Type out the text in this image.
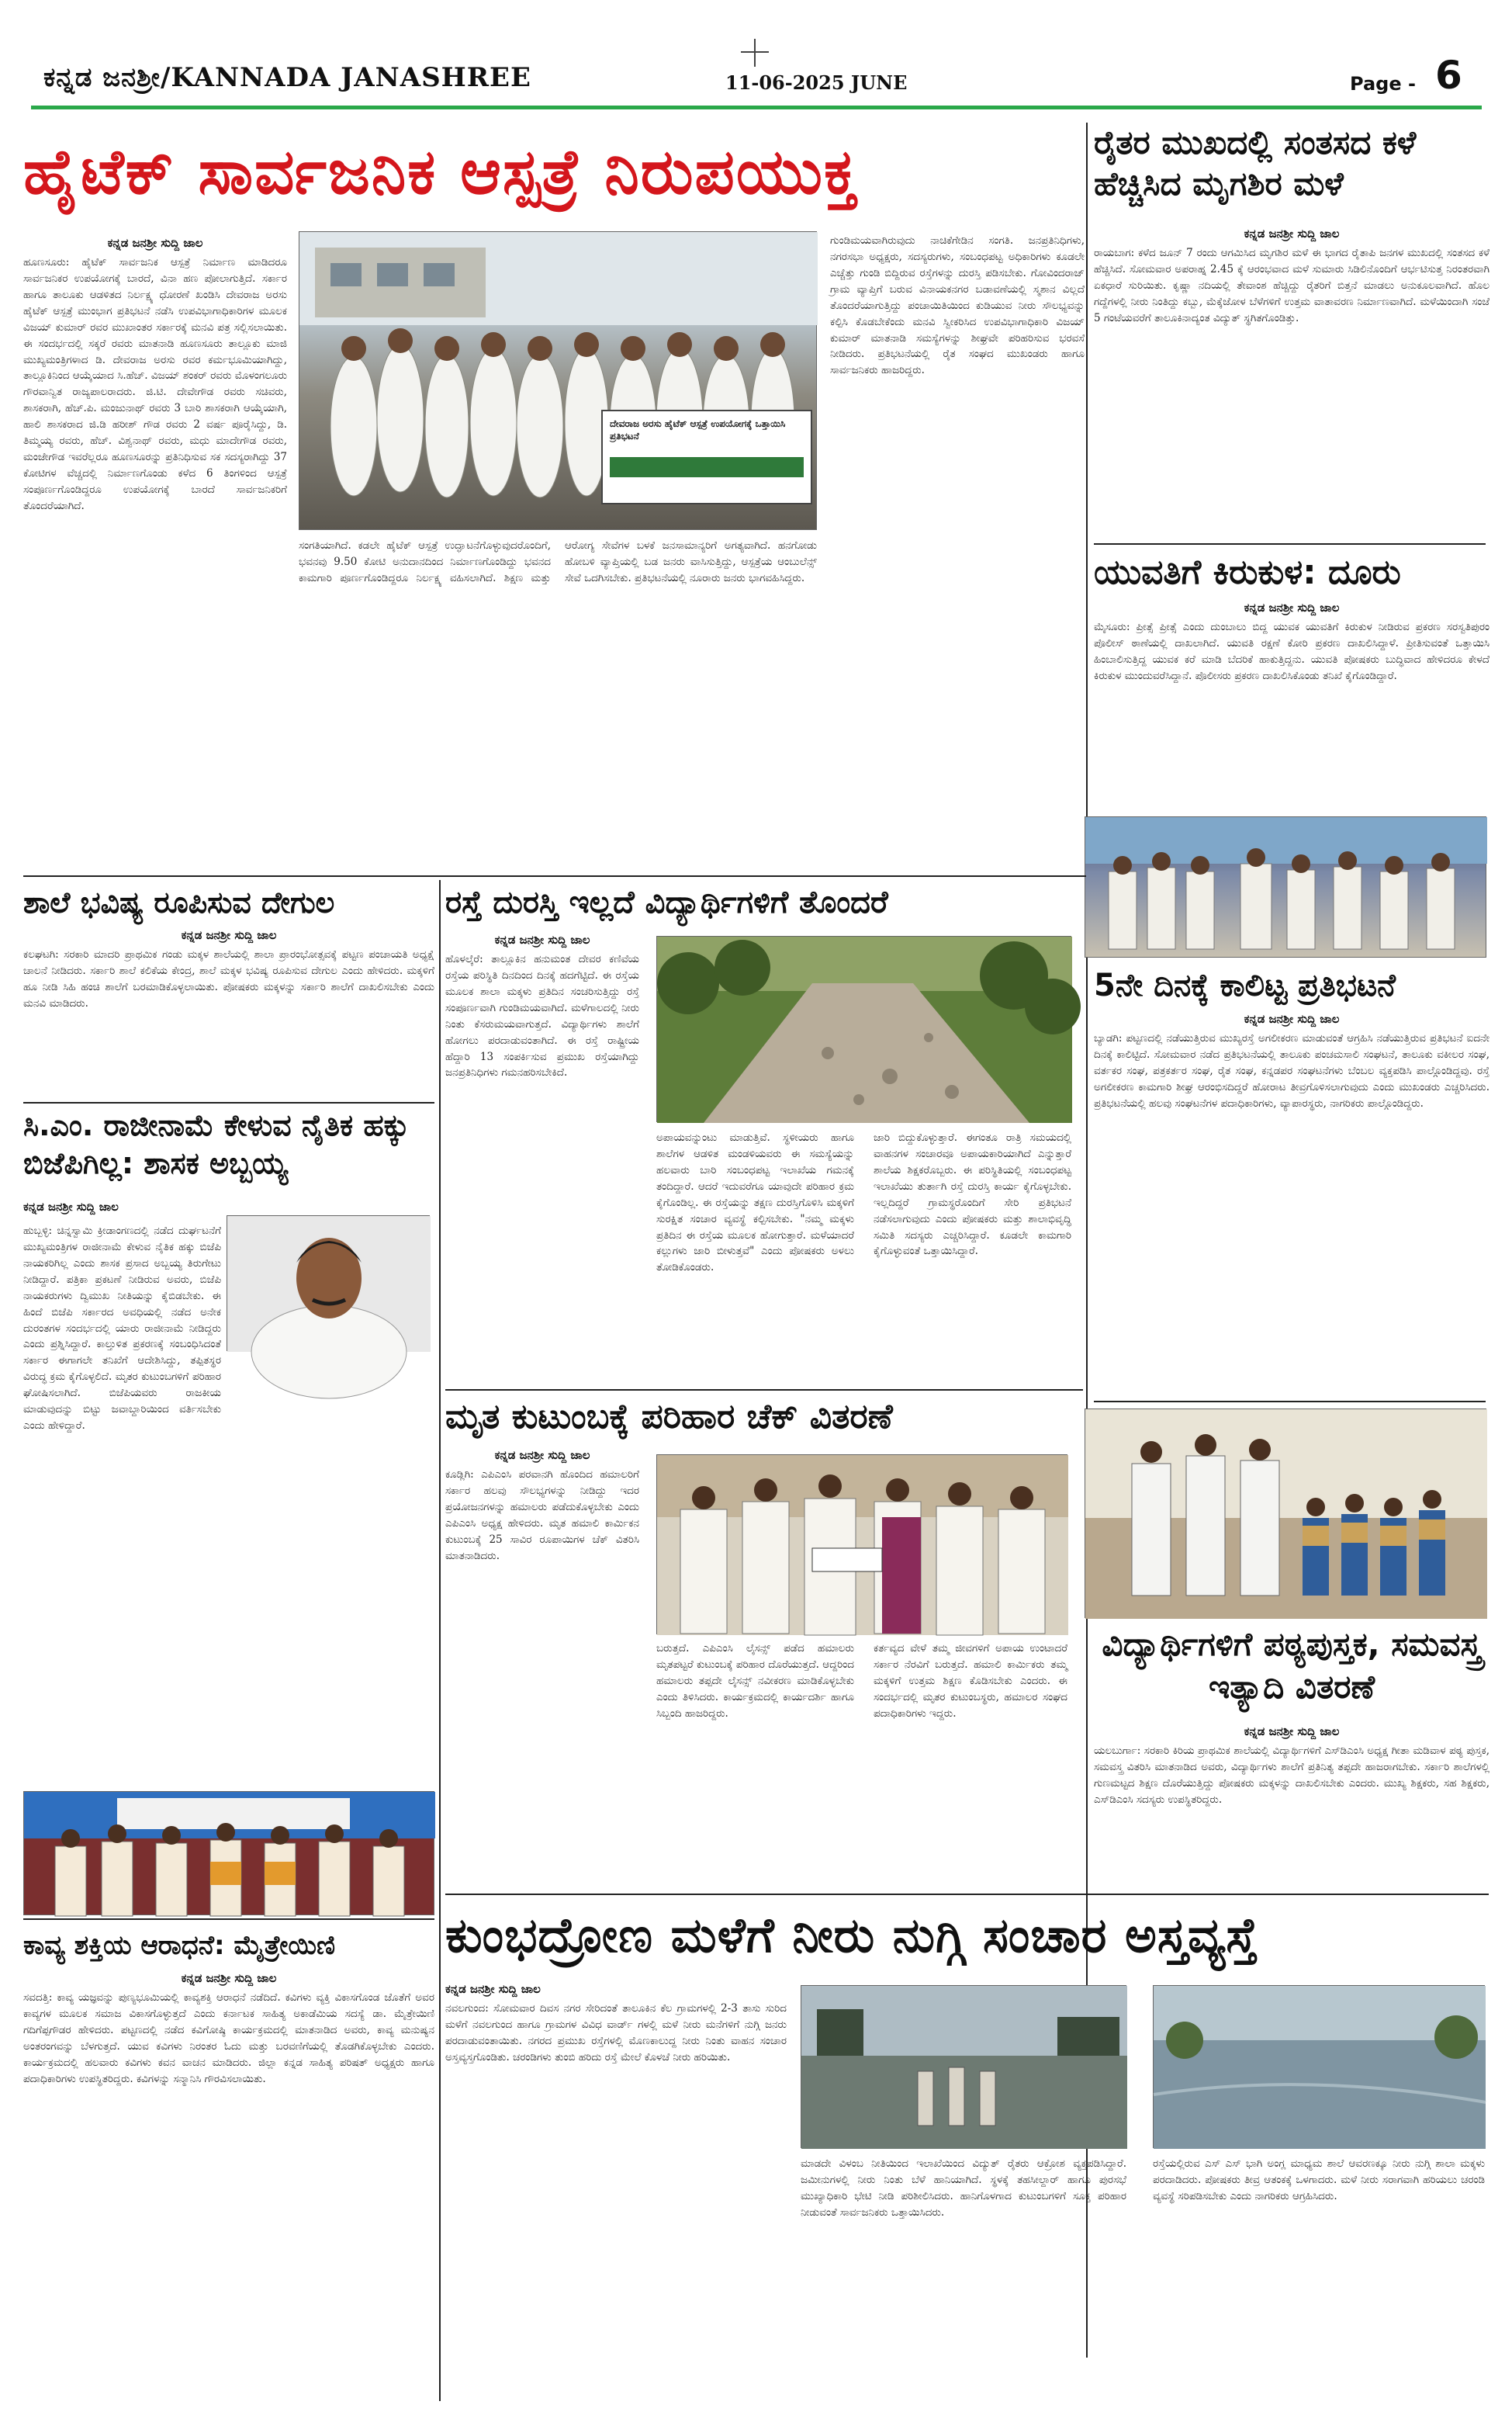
ಕನ್ನಡ ಜನಶ್ರೀ/KANNADA JANASHREE	11-06-2025 JUNE	Page - 6
ಹೈಟೆಕ್ ಸಾರ್ವಜನಿಕ ಆಸ್ಪತ್ರೆ ನಿರುಪಯುಕ್ತ
ಕನ್ನಡ ಜನಶ್ರೀ ಸುದ್ದಿ ಜಾಲ
ಹೂಣಸೂರು: ಹೈಟೆಕ್ ಸಾರ್ವಜನಿಕ ಆಸ್ಪತ್ರೆ ನಿರ್ಮಾಣ ಮಾಡಿದರೂ ಸಾರ್ವಜನಿಕರ ಉಪಯೋಗಕ್ಕೆ ಬಾರದೆ, ವಿನಾ ಹಣ ಪೋಲಾಗುತ್ತಿದೆ. ಸರ್ಕಾರ ಹಾಗೂ ತಾಲೂಕು ಆಡಳಿತದ ನಿರ್ಲಕ್ಷ್ಯ ಧೋರಣೆ ಖಂಡಿಸಿ ದೇವರಾಜ ಅರಸು ಹೈಟೆಕ್ ಆಸ್ಪತ್ರೆ ಮುಂಭಾಗ ಪ್ರತಿಭಟನೆ ನಡೆಸಿ ಉಪವಿಭಾಗಾಧಿಕಾರಿಗಳ ಮೂಲಕ ವಿಜಯ್ ಕುಮಾರ್ ರವರ ಮುಖಾಂತರ ಸರ್ಕಾರಕ್ಕೆ ಮನವಿ ಪತ್ರ ಸಲ್ಲಿಸಲಾಯಿತು. ಈ ಸಂದರ್ಭದಲ್ಲಿ ಸಕ್ಕರೆ ರವರು ಮಾತನಾಡಿ ಹೂಣಸೂರು ತಾಲ್ಲೂಕು ಮಾಜಿ ಮುಖ್ಯಮಂತ್ರಿಗಳಾದ ಡಿ. ದೇವರಾಜ ಅರಸು ರವರ ಕರ್ಮಭೂಮಿಯಾಗಿದ್ದು, ತಾಲ್ಲೂಕಿನಿಂದ ಆಯ್ಕೆಯಾದ ಸಿ.ಹೆಚ್. ವಿಜಯ್ ಶಂಕರ್ ರವರು ಮೊಳಂಗಲೂರು ಗೌರವಾನ್ವಿತ ರಾಜ್ಯಪಾಲರಾದರು. ಜಿ.ಟಿ. ದೇವೇಗೌಡ ರವರು ಸಚಿವರು, ಶಾಸಕರಾಗಿ, ಹೆಚ್.ಪಿ. ಮಂಜುನಾಥ್ ರವರು 3 ಬಾರಿ ಶಾಸಕರಾಗಿ ಆಯ್ಕೆಯಾಗಿ, ಹಾಲಿ ಶಾಸಕರಾದ ಜಿ.ಡಿ ಹರೀಶ್ ಗೌಡ ರವರು 2 ವರ್ಷ ಪೂರೈಸಿದ್ದು, ಡಿ. ತಿಮ್ಮಯ್ಯ ರವರು, ಹೆಚ್. ವಿಶ್ವನಾಥ್ ರವರು, ಮಧು ಮಾದೇಗೌಡ ರವರು, ಮಂಜೇಗೌಡ ಇವರೆಲ್ಲರೂ ಹೂಣಸೂರನ್ನು ಪ್ರತಿನಿಧಿಸುವ ಸಕ ಸದಸ್ಯರಾಗಿದ್ದು 37 ಕೋಟಿಗಳ ವೆಚ್ಚದಲ್ಲಿ ನಿರ್ಮಾಣಗೊಂಡು ಕಳೆದ 6 ತಿಂಗಳಿಂದ ಆಸ್ಪತ್ರೆ ಸಂಪೂರ್ಣಗೊಂಡಿದ್ದರೂ ಉಪಯೋಗಕ್ಕೆ ಬಾರದೆ ಸಾರ್ವಜನಿಕರಿಗೆ ತೊಂದರೆಯಾಗಿದೆ.
ದೇವರಾಜ ಅರಸು ಹೈಟೆಕ್ ಆಸ್ಪತ್ರೆ ಉಪಯೋಗಕ್ಕೆ ಒತ್ತಾಯಿಸಿ ಪ್ರತಿಭಟನೆ
ಸಂಗತಿಯಾಗಿದೆ. ಕಡಲೇ ಹೈಟೆಕ್ ಆಸ್ಪತ್ರೆ ಉದ್ಘಾಟನೆಗೊಳ್ಳುವುದರೊಂದಿಗೆ, ಭವನವು 9.50 ಕೋಟಿ ಅನುದಾನದಿಂದ ನಿರ್ಮಾಣಗೊಂಡಿದ್ದು ಭವನದ ಕಾಮಗಾರಿ ಪೂರ್ಣಗೊಂಡಿದ್ದರೂ ನಿರ್ಲಕ್ಷ್ಯ ವಹಿಸಲಾಗಿದೆ. ಶಿಕ್ಷಣ ಮತ್ತು ಆರೋಗ್ಯ ಸೇವೆಗಳ ಬಳಕೆ ಜನಸಾಮಾನ್ಯರಿಗೆ ಅಗತ್ಯವಾಗಿದೆ. ಹನಗೋಡು ಹೋಬಳಿ ವ್ಯಾಪ್ತಿಯಲ್ಲಿ ಬಡ ಜನರು ವಾಸಿಸುತ್ತಿದ್ದು, ಆಸ್ಪತ್ರೆಯ ಆಂಬುಲೆನ್ಸ್ ಸೇವೆ ಒದಗಿಸಬೇಕು. ಪ್ರತಿಭಟನೆಯಲ್ಲಿ ನೂರಾರು ಜನರು ಭಾಗವಹಿಸಿದ್ದರು.
ಗುಂಡಿಮಯವಾಗಿರುವುದು ನಾಚಿಕೆಗೇಡಿನ ಸಂಗತಿ. ಜನಪ್ರತಿನಿಧಿಗಳು, ನಗರಸಭಾ ಅಧ್ಯಕ್ಷರು, ಸದಸ್ಯರುಗಳು, ಸಂಬಂಧಪಟ್ಟ ಅಧಿಕಾರಿಗಳು ಕೂಡಲೇ ಎಚ್ಚೆತ್ತು ಗುಂಡಿ ಬಿದ್ದಿರುವ ರಸ್ತೆಗಳನ್ನು ದುರಸ್ತಿ ಪಡಿಸಬೇಕು. ಗೋವಿಂದರಾಜ್ ಗ್ರಾಮ ವ್ಯಾಪ್ತಿಗೆ ಬರುವ ವಿನಾಯಕನಗರ ಬಡಾವಣೆಯಲ್ಲಿ ಸ್ಮಶಾನ ವಿಲ್ಲದೆ ತೊಂದರೆಯಾಗುತ್ತಿದ್ದು ಪಂಚಾಯಿತಿಯಿಂದ ಕುಡಿಯುವ ನೀರು ಸೌಲಭ್ಯವನ್ನು ಕಲ್ಪಿಸಿ ಕೊಡಬೇಕೆಂದು ಮನವಿ ಸ್ವೀಕರಿಸಿದ ಉಪವಿಭಾಗಾಧಿಕಾರಿ ವಿಜಯ್ ಕುಮಾರ್ ಮಾತನಾಡಿ ಸಮಸ್ಯೆಗಳನ್ನು ಶೀಘ್ರವೇ ಪರಿಹರಿಸುವ ಭರವಸೆ ನೀಡಿದರು. ಪ್ರತಿಭಟನೆಯಲ್ಲಿ ರೈತ ಸಂಘದ ಮುಖಂಡರು ಹಾಗೂ ಸಾರ್ವಜನಿಕರು ಹಾಜರಿದ್ದರು.
ರೈತರ ಮುಖದಲ್ಲಿ ಸಂತಸದ ಕಳೆ ಹೆಚ್ಚಿಸಿದ ಮೃಗಶಿರ ಮಳೆ
ಕನ್ನಡ ಜನಶ್ರೀ ಸುದ್ದಿ ಜಾಲ
ರಾಯಬಾಗ: ಕಳೆದ ಜೂನ್ 7 ರಂದು ಆಗಮಿಸಿದ ಮೃಗಶಿರ ಮಳೆ ಈ ಭಾಗದ ರೈತಾಪಿ ಜನಗಳ ಮುಖದಲ್ಲಿ ಸಂತಸದ ಕಳೆ ಹೆಚ್ಚಿಸಿದೆ. ಸೋಮವಾರ ಅಪರಾಹ್ನ 2.45 ಕ್ಕೆ ಆರಂಭವಾದ ಮಳೆ ಸುಮಾರು ಸಿಡಿಲಿನೊಂದಿಗೆ ಆರ್ಭಟಿಸುತ್ತ ನಿರಂತರವಾಗಿ ಏಕಧಾರೆ ಸುರಿಯಿತು. ಕೃಷ್ಣಾ ನದಿಯಲ್ಲಿ ತೇವಾಂಶ ಹೆಚ್ಚಿದ್ದು ರೈತರಿಗೆ ಬಿತ್ತನೆ ಮಾಡಲು ಅನುಕೂಲವಾಗಿದೆ. ಹೊಲ ಗದ್ದೆಗಳಲ್ಲಿ ನೀರು ನಿಂತಿದ್ದು ಕಬ್ಬು, ಮೆಕ್ಕೆಜೋಳ ಬೆಳೆಗಳಿಗೆ ಉತ್ತಮ ವಾತಾವರಣ ನಿರ್ಮಾಣವಾಗಿದೆ. ಮಳೆಯಿಂದಾಗಿ ಸಂಜೆ 5 ಗಂಟೆಯವರೆಗೆ ತಾಲೂಕಿನಾದ್ಯಂತ ವಿದ್ಯುತ್ ಸ್ಥಗಿತಗೊಂಡಿತ್ತು.
ಯುವತಿಗೆ ಕಿರುಕುಳ: ದೂರು
ಕನ್ನಡ ಜನಶ್ರೀ ಸುದ್ದಿ ಜಾಲ
ಮೈಸೂರು: ಪ್ರೀತ್ಸೆ ಪ್ರೀತ್ಸೆ ಎಂದು ದುಂಬಾಲು ಬಿದ್ದ ಯುವಕ ಯುವತಿಗೆ ಕಿರುಕುಳ ನೀಡಿರುವ ಪ್ರಕರಣ ಸರಸ್ವತಿಪುರಂ ಪೊಲೀಸ್ ಠಾಣೆಯಲ್ಲಿ ದಾಖಲಾಗಿದೆ. ಯುವತಿ ರಕ್ಷಣೆ ಕೋರಿ ಪ್ರಕರಣ ದಾಖಲಿಸಿದ್ದಾಳೆ. ಪ್ರೀತಿಸುವಂತೆ ಒತ್ತಾಯಿಸಿ ಹಿಂಬಾಲಿಸುತ್ತಿದ್ದ ಯುವಕ ಕರೆ ಮಾಡಿ ಬೆದರಿಕೆ ಹಾಕುತ್ತಿದ್ದನು. ಯುವತಿ ಪೋಷಕರು ಬುದ್ಧಿವಾದ ಹೇಳಿದರೂ ಕೇಳದೆ ಕಿರುಕುಳ ಮುಂದುವರೆಸಿದ್ದಾನೆ. ಪೊಲೀಸರು ಪ್ರಕರಣ ದಾಖಲಿಸಿಕೊಂಡು ತನಿಖೆ ಕೈಗೊಂಡಿದ್ದಾರೆ.
5ನೇ ದಿನಕ್ಕೆ ಕಾಲಿಟ್ಟ ಪ್ರತಿಭಟನೆ
ಕನ್ನಡ ಜನಶ್ರೀ ಸುದ್ದಿ ಜಾಲ
ಬ್ಯಾಡಗಿ: ಪಟ್ಟಣದಲ್ಲಿ ನಡೆಯುತ್ತಿರುವ ಮುಖ್ಯರಸ್ತೆ ಅಗಲೀಕರಣ ಮಾಡುವಂತೆ ಆಗ್ರಹಿಸಿ ನಡೆಯುತ್ತಿರುವ ಪ್ರತಿಭಟನೆ ಐದನೇ ದಿನಕ್ಕೆ ಕಾಲಿಟ್ಟಿದೆ. ಸೋಮವಾರ ನಡೆದ ಪ್ರತಿಭಟನೆಯಲ್ಲಿ ತಾಲೂಕು ಪಂಚಮಸಾಲಿ ಸಂಘಟನೆ, ತಾಲೂಕು ವಕೀಲರ ಸಂಘ, ವರ್ತಕರ ಸಂಘ, ಪತ್ರಕರ್ತರ ಸಂಘ, ರೈತ ಸಂಘ, ಕನ್ನಡಪರ ಸಂಘಟನೆಗಳು ಬೆಂಬಲ ವ್ಯಕ್ತಪಡಿಸಿ ಪಾಲ್ಗೊಂಡಿದ್ದವು. ರಸ್ತೆ ಅಗಲೀಕರಣ ಕಾಮಗಾರಿ ಶೀಘ್ರ ಆರಂಭಿಸದಿದ್ದರೆ ಹೋರಾಟ ತೀವ್ರಗೊಳಿಸಲಾಗುವುದು ಎಂದು ಮುಖಂಡರು ಎಚ್ಚರಿಸಿದರು. ಪ್ರತಿಭಟನೆಯಲ್ಲಿ ಹಲವು ಸಂಘಟನೆಗಳ ಪದಾಧಿಕಾರಿಗಳು, ವ್ಯಾಪಾರಸ್ಥರು, ನಾಗರಿಕರು ಪಾಲ್ಗೊಂಡಿದ್ದರು.
ವಿದ್ಯಾರ್ಥಿಗಳಿಗೆ ಪಠ್ಯಪುಸ್ತಕ, ಸಮವಸ್ತ್ರ ಇತ್ಯಾದಿ ವಿತರಣೆ
ಕನ್ನಡ ಜನಶ್ರೀ ಸುದ್ದಿ ಜಾಲ
ಯಲಬುರ್ಗಾ: ಸರಕಾರಿ ಕಿರಿಯ ಪ್ರಾಥಮಿಕ ಶಾಲೆಯಲ್ಲಿ ವಿದ್ಯಾರ್ಥಿಗಳಿಗೆ ಎಸ್‌ಡಿಎಂಸಿ ಅಧ್ಯಕ್ಷ ಗೀತಾ ಮಡಿವಾಳ ಪಠ್ಯ ಪುಸ್ತಕ, ಸಮವಸ್ತ್ರ ವಿತರಿಸಿ ಮಾತನಾಡಿದ ಅವರು, ವಿದ್ಯಾರ್ಥಿಗಳು ಶಾಲೆಗೆ ಪ್ರತಿನಿತ್ಯ ತಪ್ಪದೇ ಹಾಜರಾಗಬೇಕು. ಸರ್ಕಾರಿ ಶಾಲೆಗಳಲ್ಲಿ ಗುಣಮಟ್ಟದ ಶಿಕ್ಷಣ ದೊರೆಯುತ್ತಿದ್ದು ಪೋಷಕರು ಮಕ್ಕಳನ್ನು ದಾಖಲಿಸಬೇಕು ಎಂದರು. ಮುಖ್ಯ ಶಿಕ್ಷಕರು, ಸಹ ಶಿಕ್ಷಕರು, ಎಸ್‌ಡಿಎಂಸಿ ಸದಸ್ಯರು ಉಪಸ್ಥಿತರಿದ್ದರು.
ಶಾಲೆ ಭವಿಷ್ಯ ರೂಪಿಸುವ ದೇಗುಲ
ಕನ್ನಡ ಜನಶ್ರೀ ಸುದ್ದಿ ಜಾಲ
ಕಲಘಟಗಿ: ಸರಕಾರಿ ಮಾದರಿ ಪ್ರಾಥಮಿಕ ಗಂಡು ಮಕ್ಕಳ ಶಾಲೆಯಲ್ಲಿ ಶಾಲಾ ಪ್ರಾರಂಭೋತ್ಸವಕ್ಕೆ ಪಟ್ಟಣ ಪಂಚಾಯತಿ ಅಧ್ಯಕ್ಷೆ ಚಾಲನೆ ನೀಡಿದರು. ಸರ್ಕಾರಿ ಶಾಲೆ ಕಲಿಕೆಯ ಕೇಂದ್ರ, ಶಾಲೆ ಮಕ್ಕಳ ಭವಿಷ್ಯ ರೂಪಿಸುವ ದೇಗುಲ ಎಂದು ಹೇಳಿದರು. ಮಕ್ಕಳಿಗೆ ಹೂ ನೀಡಿ ಸಿಹಿ ಹಂಚಿ ಶಾಲೆಗೆ ಬರಮಾಡಿಕೊಳ್ಳಲಾಯಿತು. ಪೋಷಕರು ಮಕ್ಕಳನ್ನು ಸರ್ಕಾರಿ ಶಾಲೆಗೆ ದಾಖಲಿಸಬೇಕು ಎಂದು ಮನವಿ ಮಾಡಿದರು.
ಸಿ.ಎಂ. ರಾಜೀನಾಮೆ ಕೇಳುವ ನೈತಿಕ ಹಕ್ಕು ಬಿಜೆಪಿಗಿಲ್ಲ: ಶಾಸಕ ಅಬ್ಬಯ್ಯ
ಕನ್ನಡ ಜನಶ್ರೀ ಸುದ್ದಿ ಜಾಲ
ಹುಬ್ಬಳ್ಳಿ: ಚಿನ್ನಸ್ವಾಮಿ ಕ್ರೀಡಾಂಗಣದಲ್ಲಿ ನಡೆದ ದುರ್ಘಟನೆಗೆ ಮುಖ್ಯಮಂತ್ರಿಗಳ ರಾಜೀನಾಮೆ ಕೇಳುವ ನೈತಿಕ ಹಕ್ಕು ಬಿಜೆಪಿ ನಾಯಕರಿಗಿಲ್ಲ ಎಂದು ಶಾಸಕ ಪ್ರಸಾದ ಅಬ್ಬಯ್ಯ ತಿರುಗೇಟು ನೀಡಿದ್ದಾರೆ. ಪತ್ರಿಕಾ ಪ್ರಕಟಣೆ ನೀಡಿರುವ ಅವರು, ಬಿಜೆಪಿ ನಾಯಕರುಗಳು ದ್ವಿಮುಖ ನೀತಿಯನ್ನು ಕೈಬಿಡಬೇಕು. ಈ ಹಿಂದೆ ಬಿಜೆಪಿ ಸರ್ಕಾರದ ಅವಧಿಯಲ್ಲಿ ನಡೆದ ಅನೇಕ ದುರಂತಗಳ ಸಂದರ್ಭದಲ್ಲಿ ಯಾರು ರಾಜೀನಾಮೆ ನೀಡಿದ್ದರು ಎಂದು ಪ್ರಶ್ನಿಸಿದ್ದಾರೆ. ಕಾಲ್ತುಳಿತ ಪ್ರಕರಣಕ್ಕೆ ಸಂಬಂಧಿಸಿದಂತೆ ಸರ್ಕಾರ ಈಗಾಗಲೇ ತನಿಖೆಗೆ ಆದೇಶಿಸಿದ್ದು, ತಪ್ಪಿತಸ್ಥರ ವಿರುದ್ಧ ಕ್ರಮ ಕೈಗೊಳ್ಳಲಿದೆ. ಮೃತರ ಕುಟುಂಬಗಳಿಗೆ ಪರಿಹಾರ ಘೋಷಿಸಲಾಗಿದೆ. ಬಿಜೆಪಿಯವರು ರಾಜಕೀಯ ಮಾಡುವುದನ್ನು ಬಿಟ್ಟು ಜವಾಬ್ದಾರಿಯಿಂದ ವರ್ತಿಸಬೇಕು ಎಂದು ಹೇಳಿದ್ದಾರೆ.
ಕಾವ್ಯ ಶಕ್ತಿಯ ಆರಾಧನೆ: ಮೈತ್ರೇಯಿಣಿ
ಕನ್ನಡ ಜನಶ್ರೀ ಸುದ್ದಿ ಜಾಲ
ಸವದತ್ತಿ: ಕಾವ್ಯ ಯಜ್ಞವನ್ನು ಪುಣ್ಯಭೂಮಿಯಲ್ಲಿ ಕಾವ್ಯಶಕ್ತಿ ಆರಾಧನೆ ನಡೆದಿದೆ. ಕವಿಗಳು ವ್ಯಕ್ತಿ ವಿಕಾಸಗೊಂಡ ಜೊತೆಗೆ ಅವರ ಕಾವ್ಯಗಳ ಮೂಲಕ ಸಮಾಜ ವಿಕಾಸಗೊಳ್ಳುತ್ತದೆ ಎಂದು ಕರ್ನಾಟಕ ಸಾಹಿತ್ಯ ಅಕಾಡೆಮಿಯ ಸದಸ್ಯೆ ಡಾ. ಮೈತ್ರೇಯಿಣಿ ಗದಿಗೆಪ್ಪಗೌಡರ ಹೇಳಿದರು. ಪಟ್ಟಣದಲ್ಲಿ ನಡೆದ ಕವಿಗೋಷ್ಠಿ ಕಾರ್ಯಕ್ರಮದಲ್ಲಿ ಮಾತನಾಡಿದ ಅವರು, ಕಾವ್ಯ ಮನುಷ್ಯನ ಅಂತರಂಗವನ್ನು ಬೆಳಗುತ್ತದೆ. ಯುವ ಕವಿಗಳು ನಿರಂತರ ಓದು ಮತ್ತು ಬರವಣಿಗೆಯಲ್ಲಿ ತೊಡಗಿಕೊಳ್ಳಬೇಕು ಎಂದರು. ಕಾರ್ಯಕ್ರಮದಲ್ಲಿ ಹಲವಾರು ಕವಿಗಳು ಕವನ ವಾಚನ ಮಾಡಿದರು. ಜಿಲ್ಲಾ ಕನ್ನಡ ಸಾಹಿತ್ಯ ಪರಿಷತ್ ಅಧ್ಯಕ್ಷರು ಹಾಗೂ ಪದಾಧಿಕಾರಿಗಳು ಉಪಸ್ಥಿತರಿದ್ದರು. ಕವಿಗಳನ್ನು ಸನ್ಮಾನಿಸಿ ಗೌರವಿಸಲಾಯಿತು.
ರಸ್ತೆ ದುರಸ್ತಿ ಇಲ್ಲದೆ ವಿದ್ಯಾರ್ಥಿಗಳಿಗೆ ತೊಂದರೆ
ಕನ್ನಡ ಜನಶ್ರೀ ಸುದ್ದಿ ಜಾಲ
ಹೊಳಲ್ಕೆರೆ: ತಾಲ್ಲೂಕಿನ ಹನುಮಂತ ದೇವರ ಕಣಿವೆಯ ರಸ್ತೆಯ ಪರಿಸ್ಥಿತಿ ದಿನದಿಂದ ದಿನಕ್ಕೆ ಹದಗೆಟ್ಟಿದೆ. ಈ ರಸ್ತೆಯ ಮೂಲಕ ಶಾಲಾ ಮಕ್ಕಳು ಪ್ರತಿದಿನ ಸಂಚರಿಸುತ್ತಿದ್ದು ರಸ್ತೆ ಸಂಪೂರ್ಣವಾಗಿ ಗುಂಡಿಮಯವಾಗಿದೆ. ಮಳೆಗಾಲದಲ್ಲಿ ನೀರು ನಿಂತು ಕೆಸರುಮಯವಾಗುತ್ತದೆ. ವಿದ್ಯಾರ್ಥಿಗಳು ಶಾಲೆಗೆ ಹೋಗಲು ಪರದಾಡುವಂತಾಗಿದೆ. ಈ ರಸ್ತೆ ರಾಷ್ಟ್ರೀಯ ಹೆದ್ದಾರಿ 13 ಸಂಪರ್ಕಿಸುವ ಪ್ರಮುಖ ರಸ್ತೆಯಾಗಿದ್ದು ಜನಪ್ರತಿನಿಧಿಗಳು ಗಮನಹರಿಸಬೇಕಿದೆ.
ಅಪಾಯವನ್ನುಂಟು ಮಾಡುತ್ತಿವೆ. ಸ್ಥಳೀಯರು ಹಾಗೂ ಶಾಲೆಗಳ ಆಡಳಿತ ಮಂಡಳಿಯವರು ಈ ಸಮಸ್ಯೆಯನ್ನು ಹಲವಾರು ಬಾರಿ ಸಂಬಂಧಪಟ್ಟ ಇಲಾಖೆಯ ಗಮನಕ್ಕೆ ತಂದಿದ್ದಾರೆ. ಆದರೆ ಇದುವರೆಗೂ ಯಾವುದೇ ಪರಿಹಾರ ಕ್ರಮ ಕೈಗೊಂಡಿಲ್ಲ. ಈ ರಸ್ತೆಯನ್ನು ತಕ್ಷಣ ದುರಸ್ತಿಗೊಳಿಸಿ ಮಕ್ಕಳಿಗೆ ಸುರಕ್ಷಿತ ಸಂಚಾರ ವ್ಯವಸ್ಥೆ ಕಲ್ಪಿಸಬೇಕು. "ನಮ್ಮ ಮಕ್ಕಳು ಪ್ರತಿದಿನ ಈ ರಸ್ತೆಯ ಮೂಲಕ ಹೋಗುತ್ತಾರೆ. ಮಳೆಯಾದರೆ ಕಲ್ಲುಗಳು ಜಾರಿ ಬೀಳುತ್ತವೆ" ಎಂದು ಪೋಷಕರು ಅಳಲು ತೋಡಿಕೊಂಡರು.
ಜಾರಿ ಬಿದ್ದುಕೊಳ್ಳುತ್ತಾರೆ. ಈಗಂತೂ ರಾತ್ರಿ ಸಮಯದಲ್ಲಿ ವಾಹನಗಳ ಸಂಚಾರವೂ ಅಪಾಯಕಾರಿಯಾಗಿದೆ ಎನ್ನುತ್ತಾರೆ ಶಾಲೆಯ ಶಿಕ್ಷಕರೊಬ್ಬರು. ಈ ಪರಿಸ್ಥಿತಿಯಲ್ಲಿ ಸಂಬಂಧಪಟ್ಟ ಇಲಾಖೆಯು ತುರ್ತಾಗಿ ರಸ್ತೆ ದುರಸ್ತಿ ಕಾರ್ಯ ಕೈಗೊಳ್ಳಬೇಕು. ಇಲ್ಲದಿದ್ದರೆ ಗ್ರಾಮಸ್ಥರೊಂದಿಗೆ ಸೇರಿ ಪ್ರತಿಭಟನೆ ನಡೆಸಲಾಗುವುದು ಎಂದು ಪೋಷಕರು ಮತ್ತು ಶಾಲಾಭಿವೃದ್ಧಿ ಸಮಿತಿ ಸದಸ್ಯರು ಎಚ್ಚರಿಸಿದ್ದಾರೆ. ಕೂಡಲೇ ಕಾಮಗಾರಿ ಕೈಗೊಳ್ಳುವಂತೆ ಒತ್ತಾಯಿಸಿದ್ದಾರೆ.
ಮೃತ ಕುಟುಂಬಕ್ಕೆ ಪರಿಹಾರ ಚೆಕ್ ವಿತರಣೆ
ಕನ್ನಡ ಜನಶ್ರೀ ಸುದ್ದಿ ಜಾಲ
ಕೂಡ್ಲಿಗಿ: ಎಪಿಎಂಸಿ ಪರವಾನಗಿ ಹೊಂದಿದ ಹಮಾಲರಿಗೆ ಸರ್ಕಾರ ಹಲವು ಸೌಲಭ್ಯಗಳನ್ನು ನೀಡಿದ್ದು ಇದರ ಪ್ರಯೋಜನಗಳನ್ನು ಹಮಾಲರು ಪಡೆದುಕೊಳ್ಳಬೇಕು ಎಂದು ಎಪಿಎಂಸಿ ಅಧ್ಯಕ್ಷ ಹೇಳಿದರು. ಮೃತ ಹಮಾಲಿ ಕಾರ್ಮಿಕನ ಕುಟುಂಬಕ್ಕೆ 25 ಸಾವಿರ ರೂಪಾಯಿಗಳ ಚೆಕ್ ವಿತರಿಸಿ ಮಾತನಾಡಿದರು.
ಬರುತ್ತದೆ. ಎಪಿಎಂಸಿ ಲೈಸನ್ಸ್ ಪಡೆದ ಹಮಾಲರು ಮೃತಪಟ್ಟರೆ ಕುಟುಂಬಕ್ಕೆ ಪರಿಹಾರ ದೊರೆಯುತ್ತದೆ. ಆದ್ದರಿಂದ ಹಮಾಲರು ತಪ್ಪದೇ ಲೈಸನ್ಸ್ ನವೀಕರಣ ಮಾಡಿಕೊಳ್ಳಬೇಕು ಎಂದು ತಿಳಿಸಿದರು. ಕಾರ್ಯಕ್ರಮದಲ್ಲಿ ಕಾರ್ಯದರ್ಶಿ ಹಾಗೂ ಸಿಬ್ಬಂದಿ ಹಾಜರಿದ್ದರು.
ಕರ್ತವ್ಯದ ವೇಳೆ ತಮ್ಮ ಜೀವಗಳಿಗೆ ಅಪಾಯ ಉಂಟಾದರೆ ಸರ್ಕಾರ ನೆರವಿಗೆ ಬರುತ್ತದೆ. ಹಮಾಲಿ ಕಾರ್ಮಿಕರು ತಮ್ಮ ಮಕ್ಕಳಿಗೆ ಉತ್ತಮ ಶಿಕ್ಷಣ ಕೊಡಿಸಬೇಕು ಎಂದರು. ಈ ಸಂದರ್ಭದಲ್ಲಿ ಮೃತರ ಕುಟುಂಬಸ್ಥರು, ಹಮಾಲರ ಸಂಘದ ಪದಾಧಿಕಾರಿಗಳು ಇದ್ದರು.
ಕುಂಭದ್ರೋಣ ಮಳೆಗೆ ನೀರು ನುಗ್ಗಿ ಸಂಚಾರ ಅಸ್ತವ್ಯಸ್ತೆ
ಕನ್ನಡ ಜನಶ್ರೀ ಸುದ್ದಿ ಜಾಲ
ನವಲಗುಂದ: ಸೋಮವಾರ ದಿವಸ ನಗರ ಸೇರಿದಂತೆ ತಾಲೂಕಿನ ಕೆಲ ಗ್ರಾಮಗಳಲ್ಲಿ 2-3 ತಾಸು ಸುರಿದ ಮಳೆಗೆ ನವಲಗುಂದ ಹಾಗೂ ಗ್ರಾಮಗಳ ವಿವಿಧ ವಾರ್ಡ್ ಗಳಲ್ಲಿ ಮಳೆ ನೀರು ಮನೆಗಳಿಗೆ ನುಗ್ಗಿ ಜನರು ಪರದಾಡುವಂತಾಯಿತು. ನಗರದ ಪ್ರಮುಖ ರಸ್ತೆಗಳಲ್ಲಿ ಮೊಣಕಾಲುದ್ದ ನೀರು ನಿಂತು ವಾಹನ ಸಂಚಾರ ಅಸ್ತವ್ಯಸ್ತಗೊಂಡಿತು. ಚರಂಡಿಗಳು ತುಂಬಿ ಹರಿದು ರಸ್ತೆ ಮೇಲೆ ಕೊಳಚೆ ನೀರು ಹರಿಯಿತು.
ಮಾಡದೇ ವಿಳಂಬ ನೀತಿಯಿಂದ ಇಲಾಖೆಯಿಂದ ವಿದ್ಯುತ್ ರೈತರು ಆಕ್ರೋಶ ವ್ಯಕ್ತಪಡಿಸಿದ್ದಾರೆ. ಜಮೀನುಗಳಲ್ಲಿ ನೀರು ನಿಂತು ಬೆಳೆ ಹಾನಿಯಾಗಿದೆ. ಸ್ಥಳಕ್ಕೆ ತಹಸೀಲ್ದಾರ್ ಹಾಗೂ ಪುರಸಭೆ ಮುಖ್ಯಾಧಿಕಾರಿ ಭೇಟಿ ನೀಡಿ ಪರಿಶೀಲಿಸಿದರು. ಹಾನಿಗೊಳಗಾದ ಕುಟುಂಬಗಳಿಗೆ ಸೂಕ್ತ ಪರಿಹಾರ ನೀಡುವಂತೆ ಸಾರ್ವಜನಿಕರು ಒತ್ತಾಯಿಸಿದರು.
ರಸ್ತೆಯಲ್ಲಿರುವ ಎಸ್ ಎಸ್ ಭಾಗಿ ಅಂಗ್ಲ ಮಾಧ್ಯಮ ಶಾಲೆ ಆವರಣಕ್ಕೂ ನೀರು ನುಗ್ಗಿ ಶಾಲಾ ಮಕ್ಕಳು ಪರದಾಡಿದರು. ಪೋಷಕರು ತೀವ್ರ ಆತಂಕಕ್ಕೆ ಒಳಗಾದರು. ಮಳೆ ನೀರು ಸರಾಗವಾಗಿ ಹರಿಯಲು ಚರಂಡಿ ವ್ಯವಸ್ಥೆ ಸರಿಪಡಿಸಬೇಕು ಎಂದು ನಾಗರಿಕರು ಆಗ್ರಹಿಸಿದರು.
